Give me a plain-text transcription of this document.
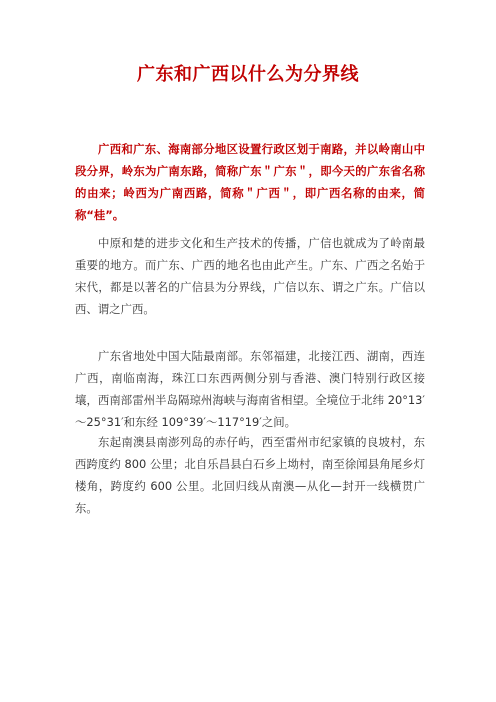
广东和广西以什么为分界线

广西和广东、海南部分地区设置行政区划于南路，并以岭南山中段分界，岭东为广南东路，简称广东＂广东＂，即今天的广东省名称的由来；岭西为广南西路，简称＂广西＂，即广西名称的由来，简称“桂”。

中原和楚的进步文化和生产技术的传播，广信也就成为了岭南最重要的地方。而广东、广西的地名也由此产生。广东、广西之名始于宋代，都是以著名的广信县为分界线，广信以东、谓之广东。广信以西、谓之广西。

广东省地处中国大陆最南部。东邻福建，北接江西、湖南，西连广西，南临南海，珠江口东西两侧分别与香港、澳门特别行政区接壤，西南部雷州半岛隔琼州海峡与海南省相望。全境位于北纬 20°13′～25°31′和东经 109°39′～117°19′之间。

东起南澳县南澎列岛的赤仔屿，西至雷州市纪家镇的良坡村，东西跨度约 800 公里；北自乐昌县白石乡上坳村，南至徐闻县角尾乡灯楼角，跨度约 600 公里。北回归线从南澳—从化—封开一线横贯广东。
